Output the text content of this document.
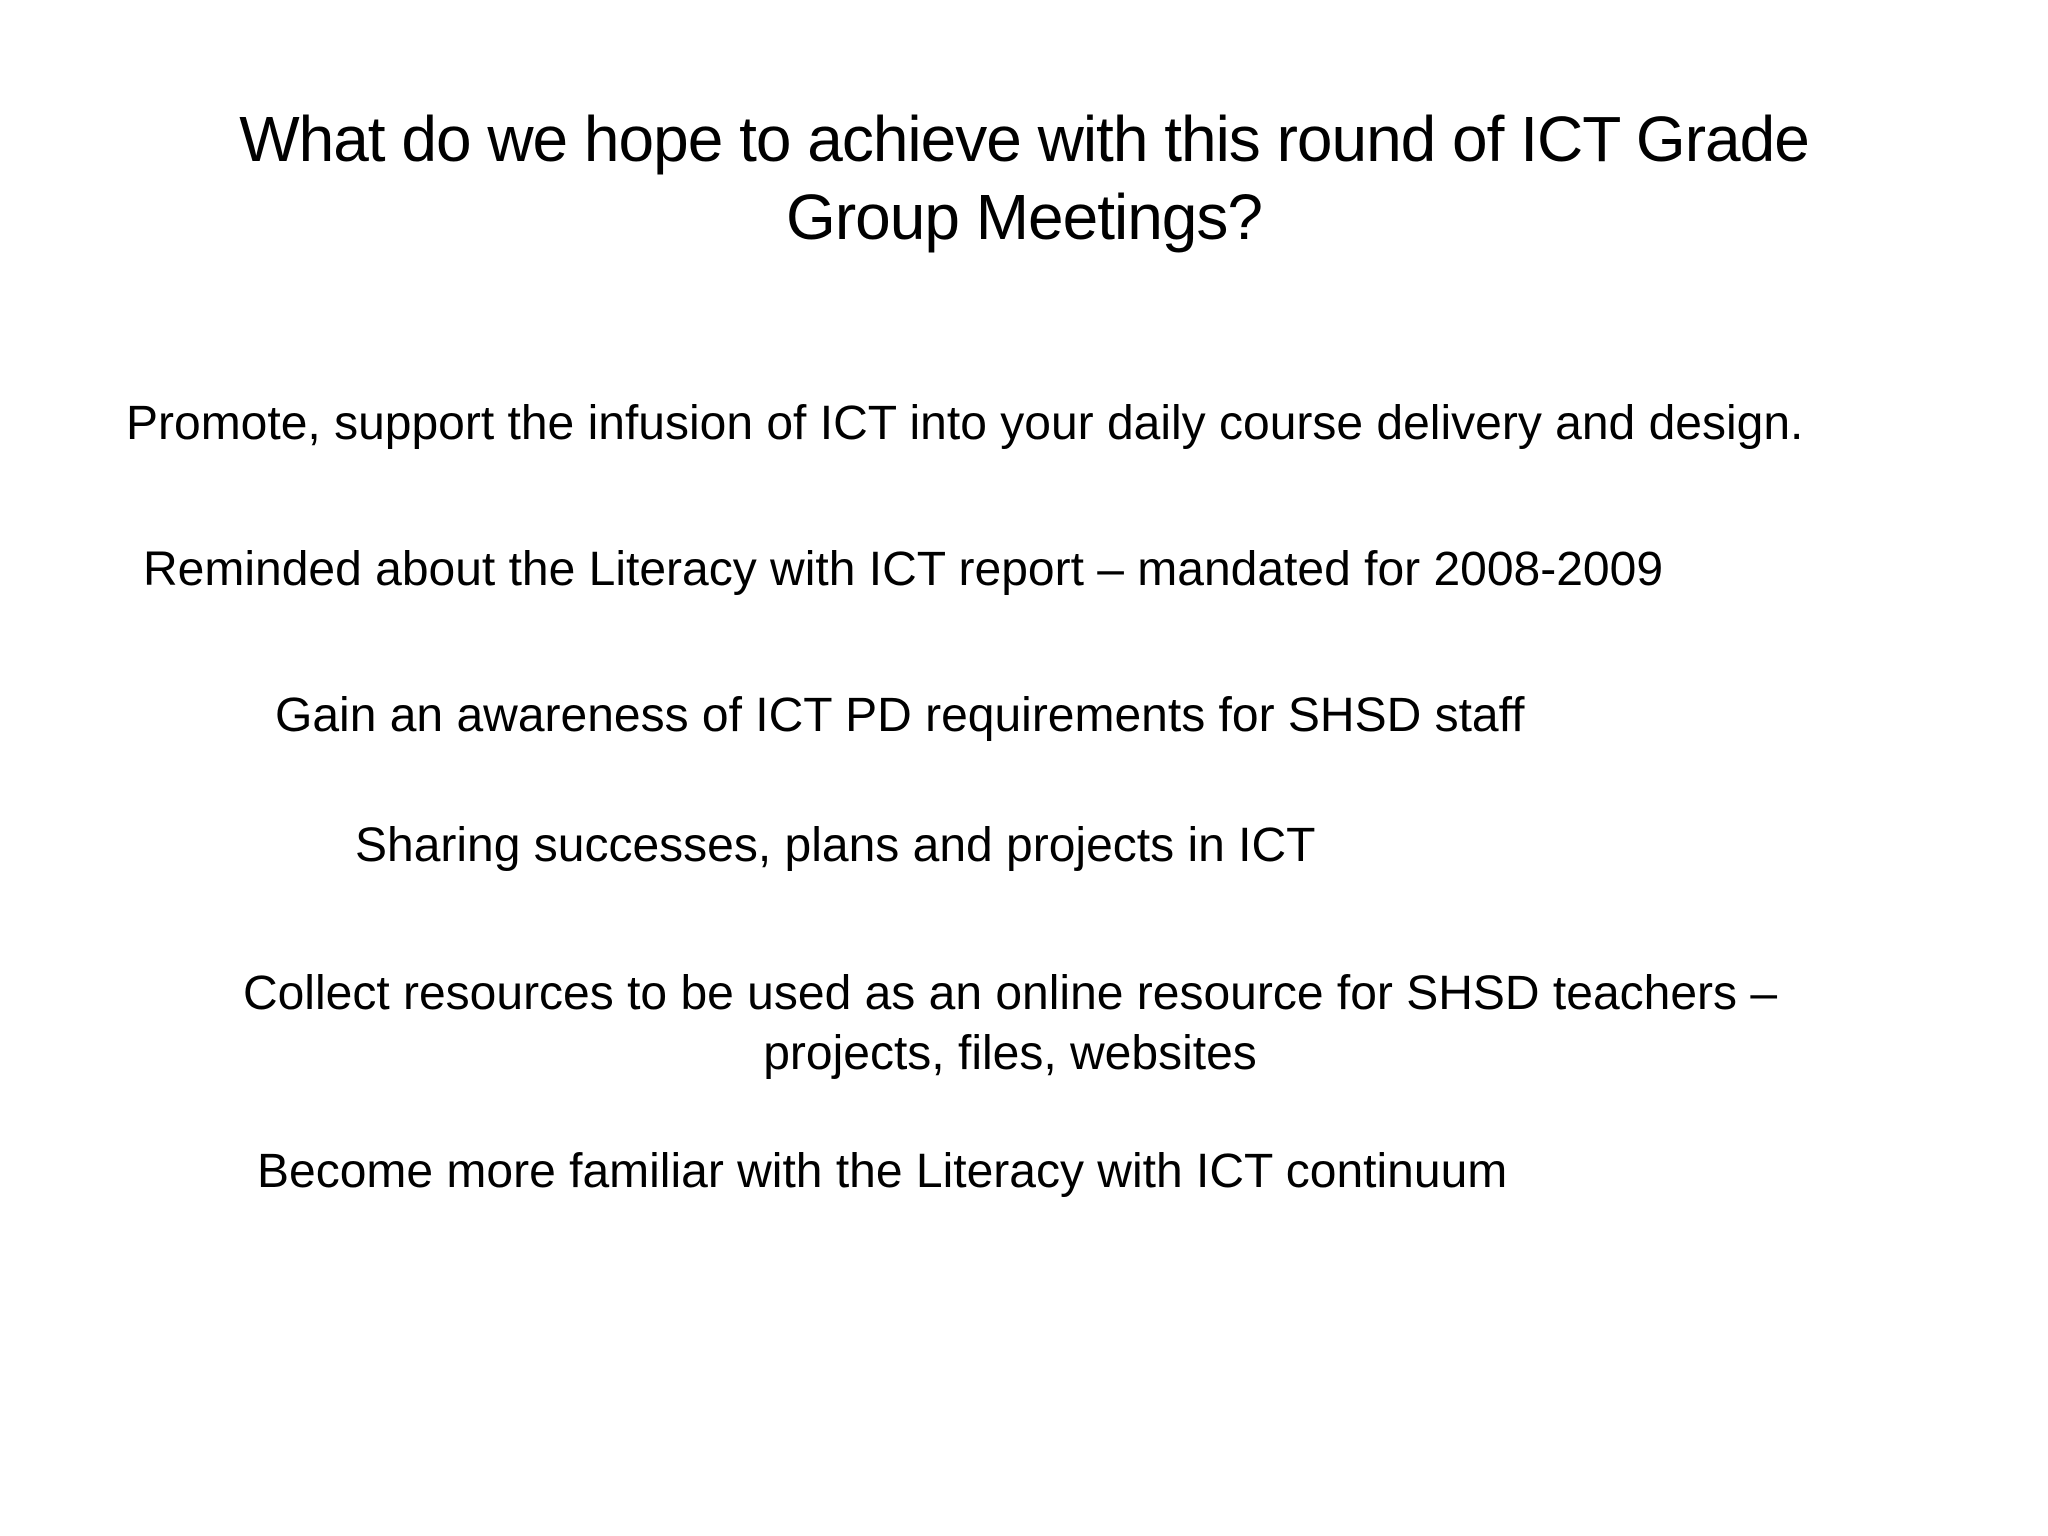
What do we hope to achieve with this round of ICT Grade
Group Meetings?
Promote, support the infusion of ICT into your daily course delivery and design.
Reminded about the Literacy with ICT report – mandated for 2008-2009
Gain an awareness of ICT PD requirements for SHSD staff
Sharing successes, plans and projects in ICT
Collect resources to be used as an online resource for SHSD teachers –
projects, files, websites
Become more familiar with the Literacy with ICT continuum
